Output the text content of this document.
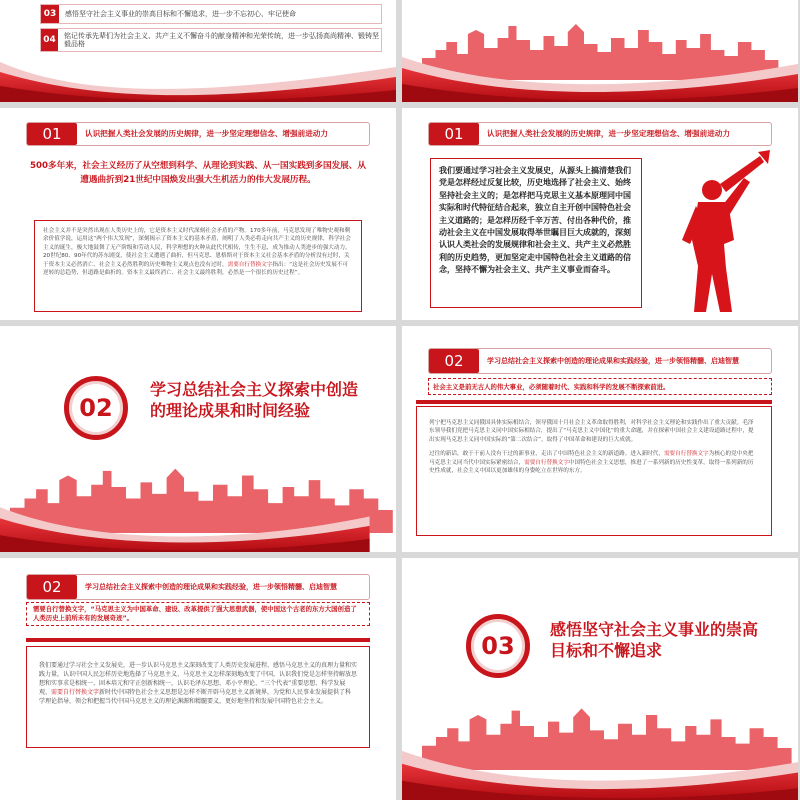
03	感悟坚守社会主义事业的崇高目标和不懈追求，进一步不忘初心、牢记使命
04	铭记传承先辈们为社会主义、共产主义不懈奋斗的献身精神和光荣传统，进一步弘扬高尚精神、锻铸坚毅品格
01	认识把握人类社会发展的历史规律，进一步坚定理想信念、增强前进动力
500多年来，社会主义经历了从空想到科学、从理论到实践、从一国实践到多国发展、从遭遇曲折到21世纪中国焕发出强大生机活力的伟大发展历程。
社会主义并不是突然出现在人类历史上的，它是资本主义时代深刻社会矛盾的产物。170多年前，马克思发现了唯物史观和剩余价值学说，运用这“两个伟大发现”，深刻揭示了资本主义的基本矛盾，阐明了人类必将走向共产主义的历史规律，科学社会主义的诞生，极大地鼓舞了无产阶级和劳动人民，科学理想的火种从此代代相传，生生不息，成为推动人类进步的强大动力。20世纪80、90年代的苏东剧变，使社会主义遭遇了曲折，但马克思、恩格斯对于资本主义社会基本矛盾的分析没有过时，关于资本主义必然消亡、社会主义必然胜利的历史唯物主义观点也没有过时，需要自行替换文字指出：“这是社会历史发展不可逆转的总趋势，但道路是曲折的。资本主义最终消亡、社会主义最终胜利，必然是一个很长的历史过程”。
01	认识把握人类社会发展的历史规律，进一步坚定理想信念、增强前进动力
我们要通过学习社会主义发展史，从源头上搞清楚我们党是怎样经过反复比较，历史地选择了社会主义、始终坚持社会主义的；是怎样把马克思主义基本原理同中国实际和时代特征结合起来，独立自主开创中国特色社会主义道路的；是怎样历经千辛万苦、付出各种代价，推动社会主义在中国发展取得举世瞩目巨大成就的，深刻认识人类社会的发展规律和社会主义、共产主义必然胜利的历史趋势，更加坚定走中国特色社会主义道路的信念，坚持不懈为社会主义、共产主义事业而奋斗。
02
学习总结社会主义探索中创造的理论成果和时间经验
02	学习总结社会主义探索中创造的理论成果和实践经验，进一步领悟精髓、启迪智慧
社会主义是前无古人的伟大事业，必须随着时代、实践和科学的发展不断探索前进。

列宁把马克思主义同俄国具体实际相结合，领导俄国十月社会主义革命取得胜利，对科学社会主义理论和实践作出了重大贡献。毛泽东领导我们党把马克思主义同中国实际相结合，提出了“马克思主义中国化”的重大命题，并在探索中国社会主义建设道路过程中，提出实现马克思主义同中国实际的“第二次结合”，取得了中国革命和建设的巨大成就。

过往的新话，敢于干前人没有干过的新事业，走出了中国特色社会主义的新道路。进入新时代，需要自行替换文字为核心的党中央把马克思主义同当代中国实际紧密结合，需要自行替换文字中国特色社会主义思想，推进了一系列新的历史性变革，取得一系列新的历史性成就，社会主义中国以更加雄伟的身姿屹立在世界的东方。

02	学习总结社会主义探索中创造的理论成果和实践经验，进一步领悟精髓、启迪智慧
需要自行替换文字，“马克思主义为中国革命、建设、改革提供了强大思想武器，使中国这个古老的东方大国创造了人类历史上前所未有的发展奇迹”。
我们要通过学习社会主义发展史，进一步认识马克思主义深刻改变了人类历史发展进程、感悟马克思主义的真理力量和实践力量，认识中国人民怎样历史地选择了马克思主义、马克思主义怎样深刻地改变了中国，认识我们党是怎样坚持解放思想和实事求是相统一、固本培元和守正创新相统一，认识毛泽东思想、邓小平理论、“三个代表”重要思想、科学发展观、需要自行替换文字新时代中国特色社会主义思想是怎样不断开辟马克思主义新境界，为党和人民事业发展提供了科学理论指导，领会和把握当代中国马克思主义的理论渊源和精髓要义，更好地坚持和发展中国特色社会主义。
03
感悟坚守社会主义事业的崇高目标和不懈追求
